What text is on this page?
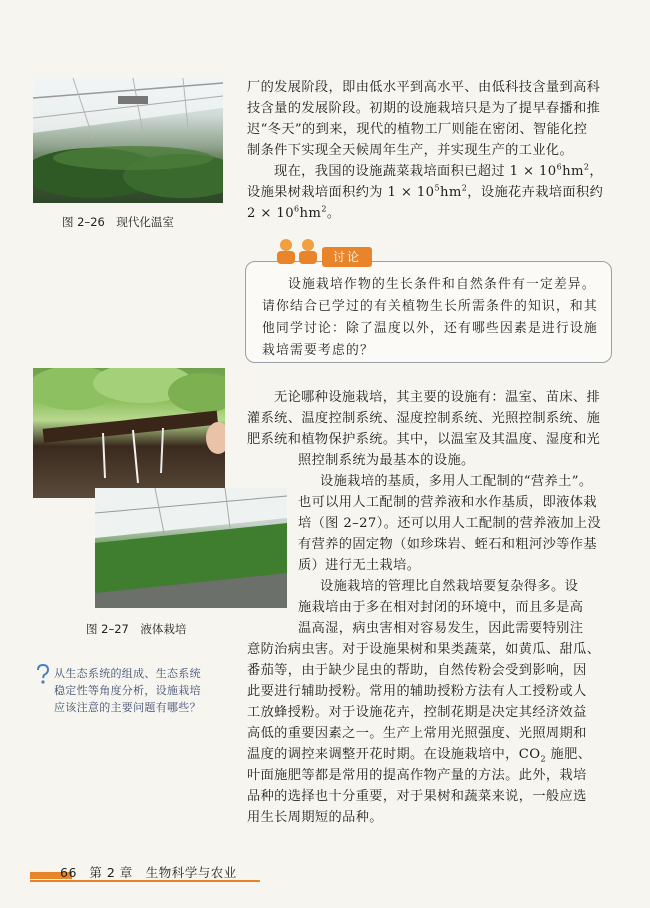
图 2–26　现代化温室
图 2–27　液体栽培
厂的发展阶段，即由低水平到高水平、由低科技含量到高科
技含量的发展阶段。初期的设施栽培只是为了提早春播和推
迟“冬天”的到来，现代的植物工厂则能在密闭、智能化控
制条件下实现全天候周年生产，并实现生产的工业化。
现在，我国的设施蔬菜栽培面积已超过 $1 \times 10^6hm^2$，
设施果树栽培面积约为 $1 \times 10^5hm^2$，设施花卉栽培面积约
$2 \times 10^6hm^2$。
讨论
设施栽培作物的生长条件和自然条件有一定差异。
请你结合已学过的有关植物生长所需条件的知识，和其
他同学讨论：除了温度以外，还有哪些因素是进行设施
栽培需要考虑的？
无论哪种设施栽培，其主要的设施有：温室、苗床、排
灌系统、温度控制系统、湿度控制系统、光照控制系统、施
肥系统和植物保护系统。其中，以温室及其温度、湿度和光
照控制系统为最基本的设施。
设施栽培的基质，多用人工配制的“营养土”。
也可以用人工配制的营养液和水作基质，即液体栽
培（图 2–27）。还可以用人工配制的营养液加上没
有营养的固定物（如珍珠岩、蛭石和粗河沙等作基
质）进行无土栽培。
设施栽培的管理比自然栽培要复杂得多。设
施栽培由于多在相对封闭的环境中，而且多是高
温高湿，病虫害相对容易发生，因此需要特别注
意防治病虫害。对于设施果树和果类蔬菜，如黄瓜、甜瓜、
番茄等，由于缺少昆虫的帮助，自然传粉会受到影响，因
此要进行辅助授粉。常用的辅助授粉方法有人工授粉或人
工放蜂授粉。对于设施花卉，控制花期是决定其经济效益
高低的重要因素之一。生产上常用光照强度、光照周期和
温度的调控来调整开花时期。在设施栽培中，$CO_2$ 施肥、
叶面施肥等都是常用的提高作物产量的方法。此外，栽培
品种的选择也十分重要，对于果树和蔬菜来说，一般应选
用生长周期短的品种。
从生态系统的组成、生态系统
稳定性等角度分析，设施栽培
应该注意的主要问题有哪些？
66 第 2 章　生物科学与农业
